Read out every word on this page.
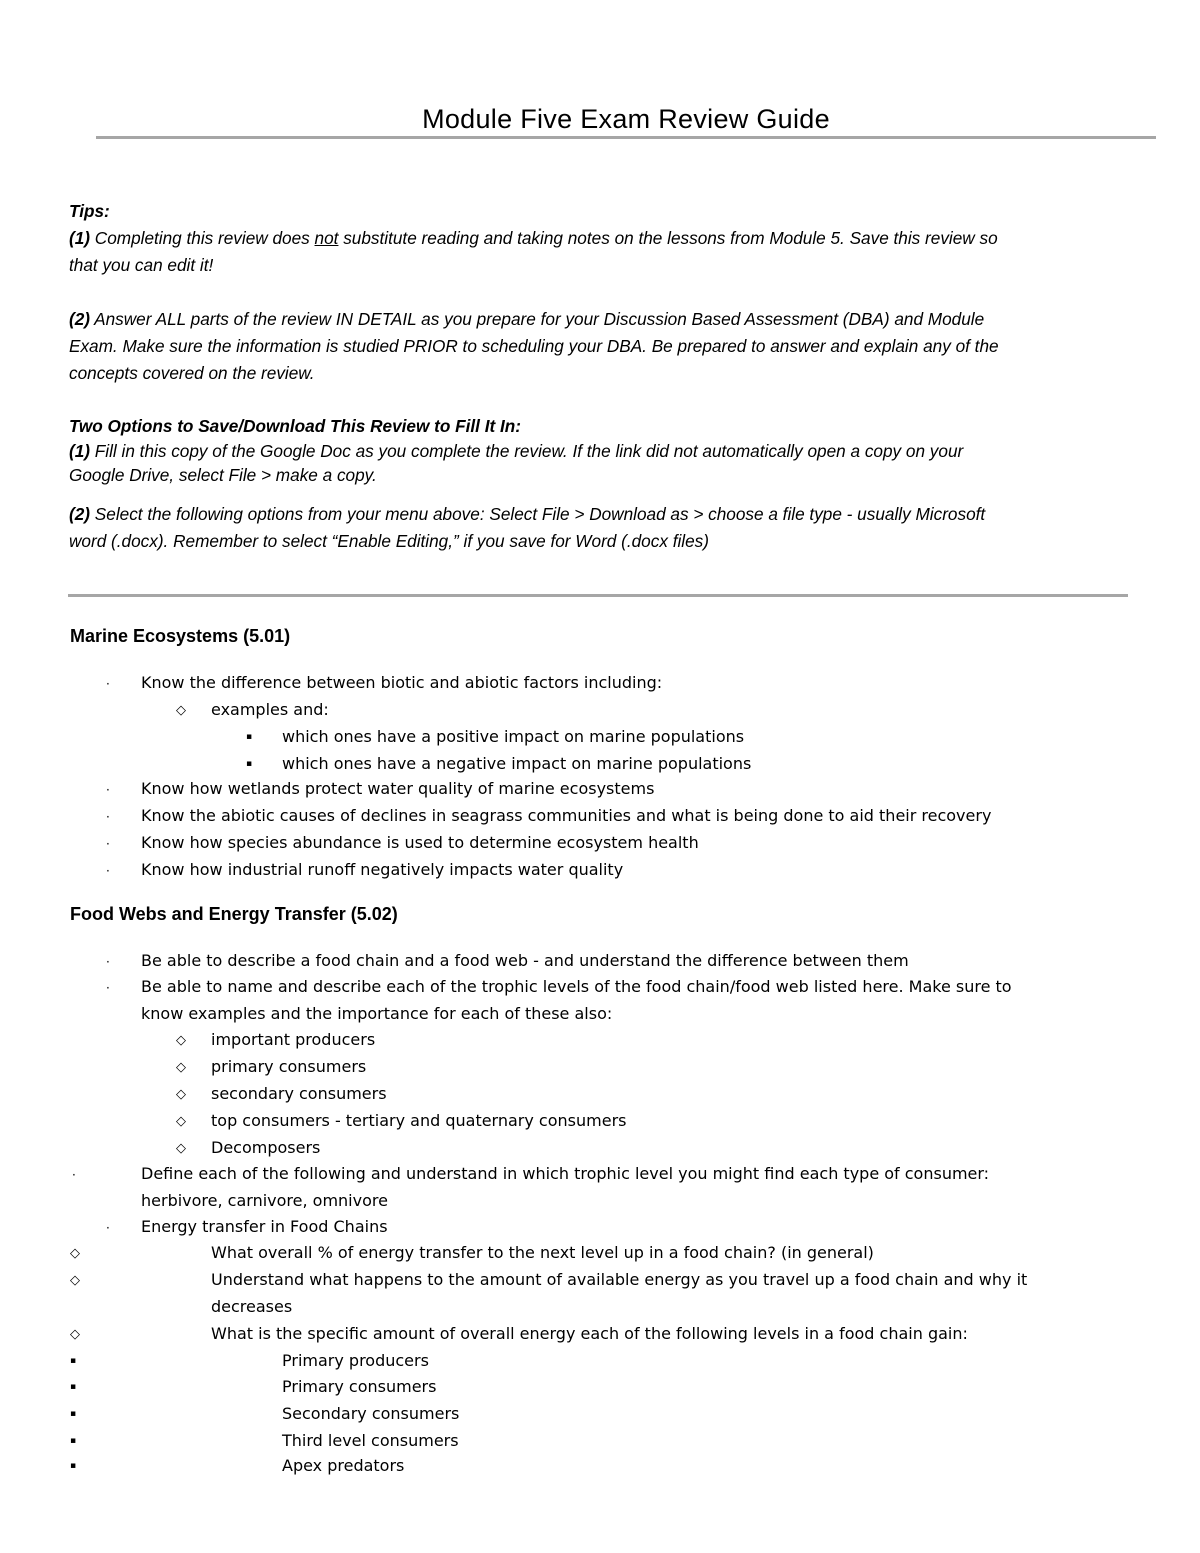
Module Five Exam Review Guide

Tips:

(1) Completing this review does not substitute reading and taking notes on the lessons from Module 5. Save this review so
that you can edit it!

(2) Answer ALL parts of the review IN DETAIL as you prepare for your Discussion Based Assessment (DBA) and Module
Exam. Make sure the information is studied PRIOR to scheduling your DBA. Be prepared to answer and explain any of the
concepts covered on the review.

Two Options to Save/Download This Review to Fill It In:

(1) Fill in this copy of the Google Doc as you complete the review. If the link did not automatically open a copy on your
Google Drive, select File > make a copy.

(2) Select the following options from your menu above: Select File > Download as > choose a file type - usually Microsoft
word (.docx). Remember to select “Enable Editing,” if you save for Word (.docx files)

Marine Ecosystems (5.01)
· Know the difference between biotic and abiotic factors including:
◇ examples and:
▪ which ones have a positive impact on marine populations
▪ which ones have a negative impact on marine populations
· Know how wetlands protect water quality of marine ecosystems
· Know the abiotic causes of declines in seagrass communities and what is being done to aid their recovery
· Know how species abundance is used to determine ecosystem health
· Know how industrial runoff negatively impacts water quality
Food Webs and Energy Transfer (5.02)
· Be able to describe a food chain and a food web - and understand the difference between them
· Be able to name and describe each of the trophic levels of the food chain/food web listed here. Make sure to
know examples and the importance for each of these also:
◇ important producers
◇ primary consumers
◇ secondary consumers
◇ top consumers - tertiary and quaternary consumers
◇ Decomposers
·	Define each of the following and understand in which trophic level you might find each type of consumer:
herbivore, carnivore, omnivore
· Energy transfer in Food Chains
◇	What overall % of energy transfer to the next level up in a food chain? (in general)
◇	Understand what happens to the amount of available energy as you travel up a food chain and why it
decreases
◇	What is the specific amount of overall energy each of the following levels in a food chain gain:
▪	Primary producers
▪	Primary consumers
▪	Secondary consumers
▪	Third level consumers
▪	Apex predators
